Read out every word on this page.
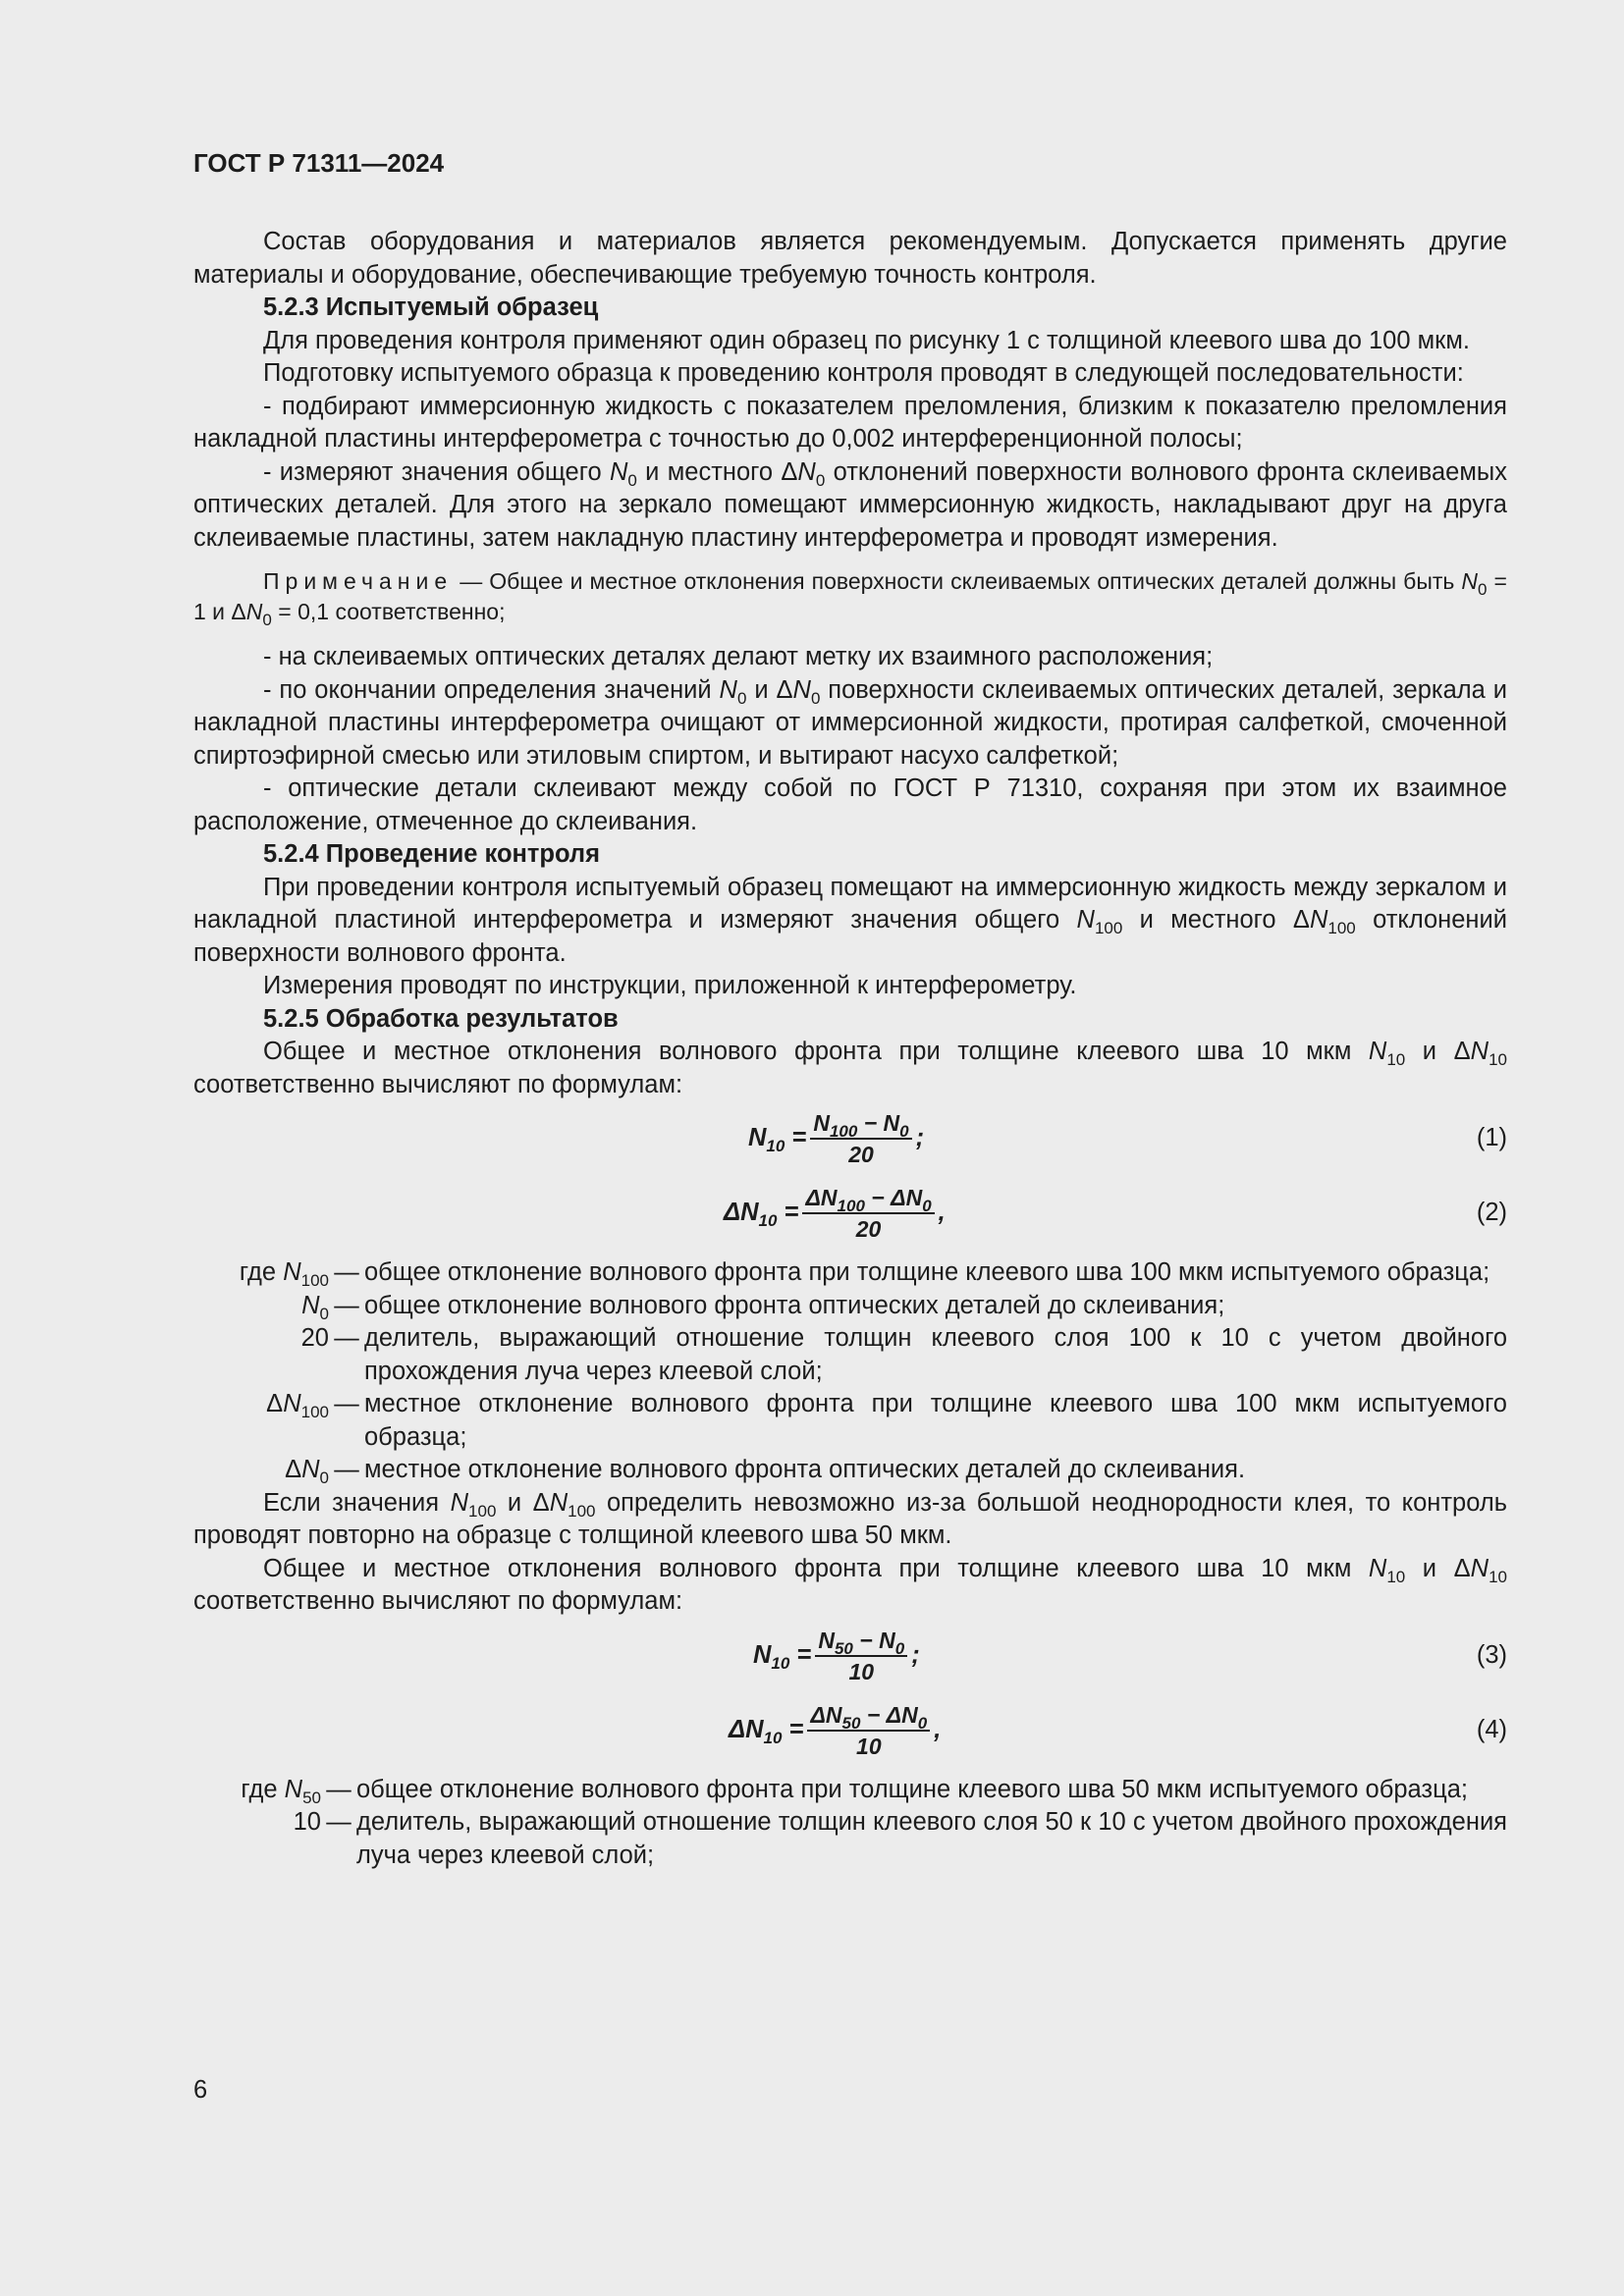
ГОСТ Р 71311—2024

Состав оборудования и материалов является рекомендуемым. Допускается применять другие материалы и оборудование, обеспечивающие требуемую точность контроля.

5.2.3 Испытуемый образец

Для проведения контроля применяют один образец по рисунку 1 с толщиной клеевого шва до 100 мкм.

Подготовку испытуемого образца к проведению контроля проводят в следующей последовательности:

- подбирают иммерсионную жидкость с показателем преломления, близким к показателю преломления накладной пластины интерферометра с точностью до 0,002 интерференционной полосы;

- измеряют значения общего $N_0$ и местного $\Delta N_0$ отклонений поверхности волнового фронта склеиваемых оптических деталей. Для этого на зеркало помещают иммерсионную жидкость, накладывают друг на друга склеиваемые пластины, затем накладную пластину интерферометра и проводят измерения.

Примечание — Общее и местное отклонения поверхности склеиваемых оптических деталей должны быть $N_0 = 1$ и $\Delta N_0 = 0,1$ соответственно;

- на склеиваемых оптических деталях делают метку их взаимного расположения;

- по окончании определения значений $N_0$ и $\Delta N_0$ поверхности склеиваемых оптических деталей, зеркала и накладной пластины интерферометра очищают от иммерсионной жидкости, протирая салфеткой, смоченной спиртоэфирной смесью или этиловым спиртом, и вытирают насухо салфеткой;

- оптические детали склеивают между собой по ГОСТ Р 71310, сохраняя при этом их взаимное расположение, отмеченное до склеивания.

5.2.4 Проведение контроля

При проведении контроля испытуемый образец помещают на иммерсионную жидкость между зеркалом и накладной пластиной интерферометра и измеряют значения общего $N_{100}$ и местного $\Delta N_{100}$ отклонений поверхности волнового фронта.

Измерения проводят по инструкции, приложенной к интерферометру.

5.2.5 Обработка результатов

Общее и местное отклонения волнового фронта при толщине клеевого шва 10 мкм $N_{10}$ и $\Delta N_{10}$ соответственно вычисляют по формулам:

$N_{10} = \frac{N_{100} - N_0}{20}$ ;	(1)
$\Delta N_{10} = \frac{\Delta N_{100} - \Delta N_0}{20}$ ,	(2)
где $N_{100}$ — общее отклонение волнового фронта при толщине клеевого шва 100 мкм испытуемого образца;
$N_0$ — общее отклонение волнового фронта оптических деталей до склеивания;
20 — делитель, выражающий отношение толщин клеевого слоя 100 к 10 с учетом двойного прохождения луча через клеевой слой;
$\Delta N_{100}$ — местное отклонение волнового фронта при толщине клеевого шва 100 мкм испытуемого образца;
$\Delta N_0$ — местное отклонение волнового фронта оптических деталей до склеивания.

Если значения $N_{100}$ и $\Delta N_{100}$ определить невозможно из-за большой неоднородности клея, то контроль проводят повторно на образце с толщиной клеевого шва 50 мкм.

Общее и местное отклонения волнового фронта при толщине клеевого шва 10 мкм $N_{10}$ и $\Delta N_{10}$ соответственно вычисляют по формулам:

$N_{10} = \frac{N_{50} - N_0}{10}$ ;	(3)
$\Delta N_{10} = \frac{\Delta N_{50} - \Delta N_0}{10}$ ,	(4)
где $N_{50}$ — общее отклонение волнового фронта при толщине клеевого шва 50 мкм испытуемого образца;
10 — делитель, выражающий отношение толщин клеевого слоя 50 к 10 с учетом двойного прохождения луча через клеевой слой;
6
